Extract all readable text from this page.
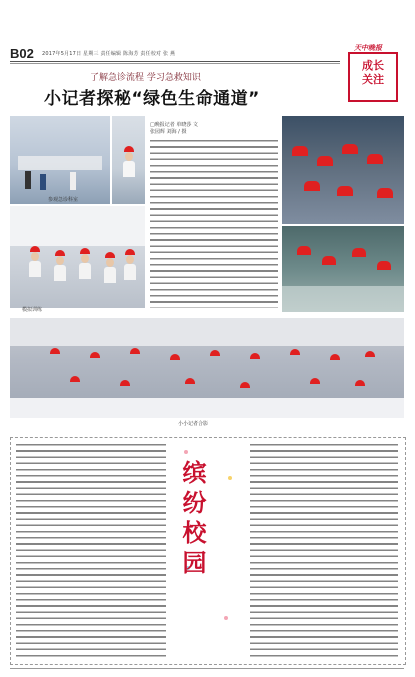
B02 2017年5月17日 星期三 责任编辑 陈海芳 责任校对 张 燕
天中晚报
成长
关注
了解急诊流程 学习急救知识
小记者探秘“绿色生命通道”
参观急诊科室
模拟训练
□晚报记者 单晓莎 文
张园辉 刘海 / 摄
小小记者合影
缤纷校园
